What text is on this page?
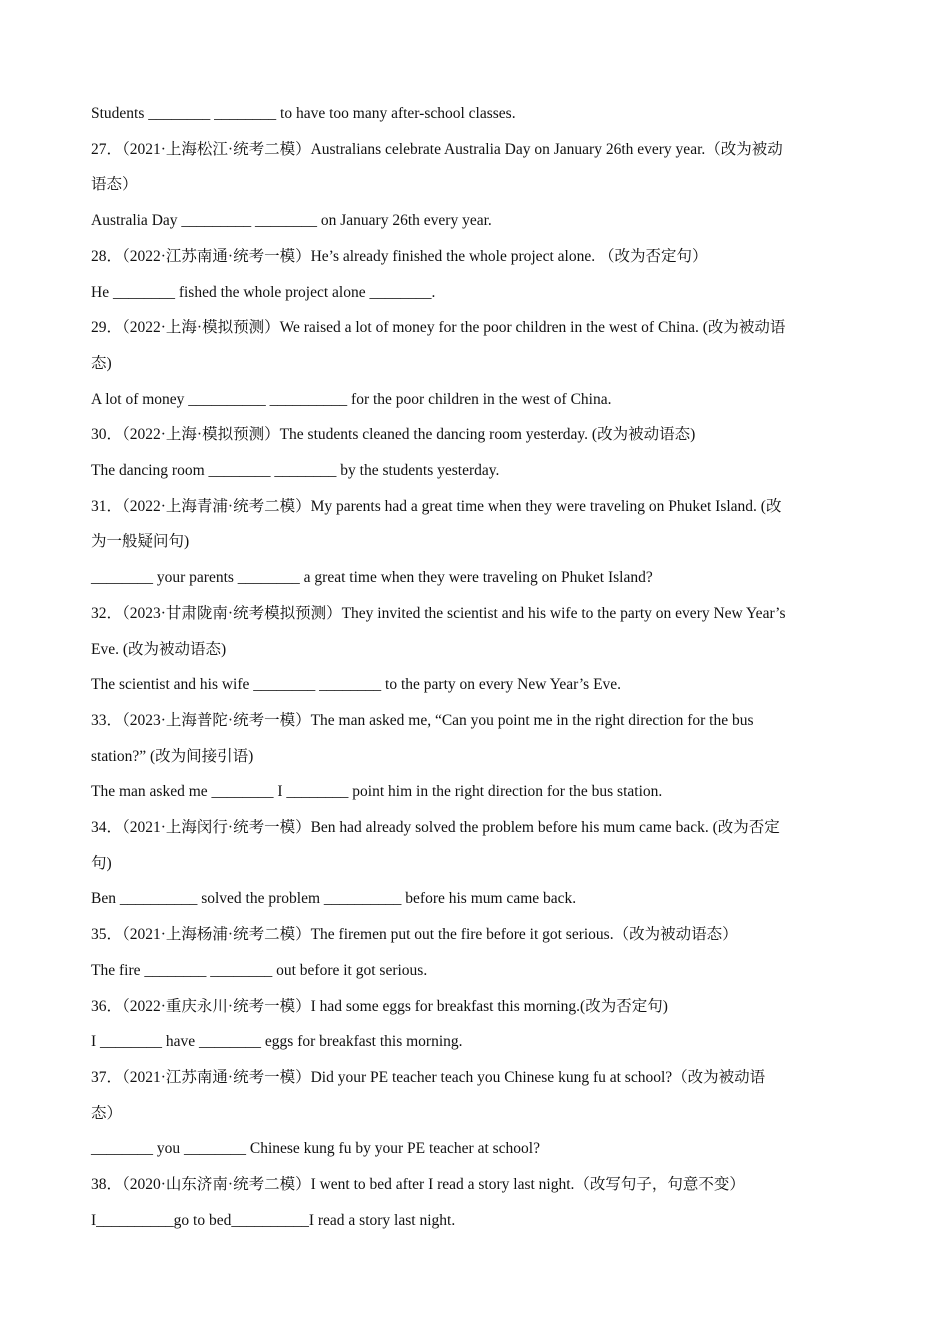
Students ________ ________ to have too many after-school classes.

27．（2021·上海松江·统考二模）Australians celebrate Australia Day on January 26th every year.（改为被动

语态）

Australia Day _________ ________ on January 26th every year.

28．（2022·江苏南通·统考一模）He’s already finished the whole project alone. （改为否定句）

He ________ fished the whole project alone ________.

29．（2022·上海·模拟预测）We raised a lot of money for the poor children in the west of China. (改为被动语

态)

A lot of money __________ __________ for the poor children in the west of China.

30．（2022·上海·模拟预测）The students cleaned the dancing room yesterday. (改为被动语态)

The dancing room ________ ________ by the students yesterday.

31．（2022·上海青浦·统考二模）My parents had a great time when they were traveling on Phuket Island. (改

为一般疑问句)

________ your parents ________ a great time when they were traveling on Phuket Island?

32．（2023·甘肃陇南·统考模拟预测）They invited the scientist and his wife to the party on every New Year’s

Eve. (改为被动语态)

The scientist and his wife ________ ________ to the party on every New Year’s Eve.

33．（2023·上海普陀·统考一模）The man asked me, “Can you point me in the right direction for the bus

station?” (改为间接引语)

The man asked me ________ I ________ point him in the right direction for the bus station.

34．（2021·上海闵行·统考一模）Ben had already solved the problem before his mum came back. (改为否定

句)

Ben __________ solved the problem __________ before his mum came back.

35．（2021·上海杨浦·统考二模）The firemen put out the fire before it got serious.（改为被动语态）

The fire ________ ________ out before it got serious.

36．（2022·重庆永川·统考一模）I had some eggs for breakfast this morning.(改为否定句)

I ________ have ________ eggs for breakfast this morning.

37．（2021·江苏南通·统考一模）Did your PE teacher teach you Chinese kung fu at school?（改为被动语

态）

________ you ________ Chinese kung fu by your PE teacher at school?

38．（2020·山东济南·统考二模）I went to bed after I read a story last night.（改写句子，句意不变）

I__________go to bed__________I read a story last night.
